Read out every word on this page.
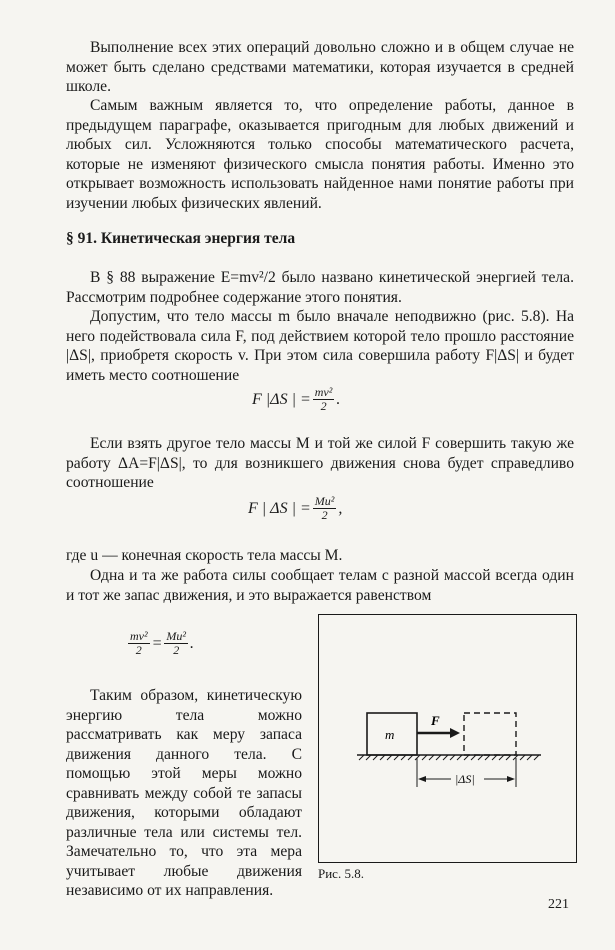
Выполнение всех этих операций довольно сложно и в общем случае не может быть сделано средствами математики, которая изучается в средней школе.

Самым важным является то, что определение работы, данное в предыдущем параграфе, оказывается пригодным для любых движений и любых сил. Усложняются только способы математического расчета, которые не изменяют физического смысла понятия работы. Именно это открывает возможность использовать найденное нами понятие работы при изучении любых физических явлений.

§ 91. Кинетическая энергия тела

В § 88 выражение E=mv²/2 было названо кинетической энергией тела. Рассмотрим подробнее содержание этого понятия.

Допустим, что тело массы m было вначале неподвижно (рис. 5.8). На него подействовала сила F, под действием которой тело прошло расстояние |ΔS|, приобретя скорость v. При этом сила совершила работу F|ΔS| и будет иметь место соотношение

F |ΔS | = $\frac{\text{mv²}}{2}$ .

Если взять другое тело массы M и той же силой F совершить такую же работу ΔA=F|ΔS|, то для возникшего движения снова будет справедливо соотношение

F | ΔS | = $\frac{\text{Mu²}}{2}$ ,

где u — конечная скорость тела массы M.

Одна и та же работа силы сообщает телам с разной массой всегда один и тот же запас движения, и это выражается равенством

$\frac{\text{mv²}}{2} = \frac{\text{Mu²}}{2}$ .

Таким образом, кинетическую энергию тела можно рассматривать как меру запаса движения данного тела. С помощью этой меры можно сравнивать между собой те запасы движения, которыми обладают различные тела или системы тел. Замечательно то, что эта мера учитывает любые движения независимо от их направления.

m
F
|ΔS|
Рис. 5.8.
221
